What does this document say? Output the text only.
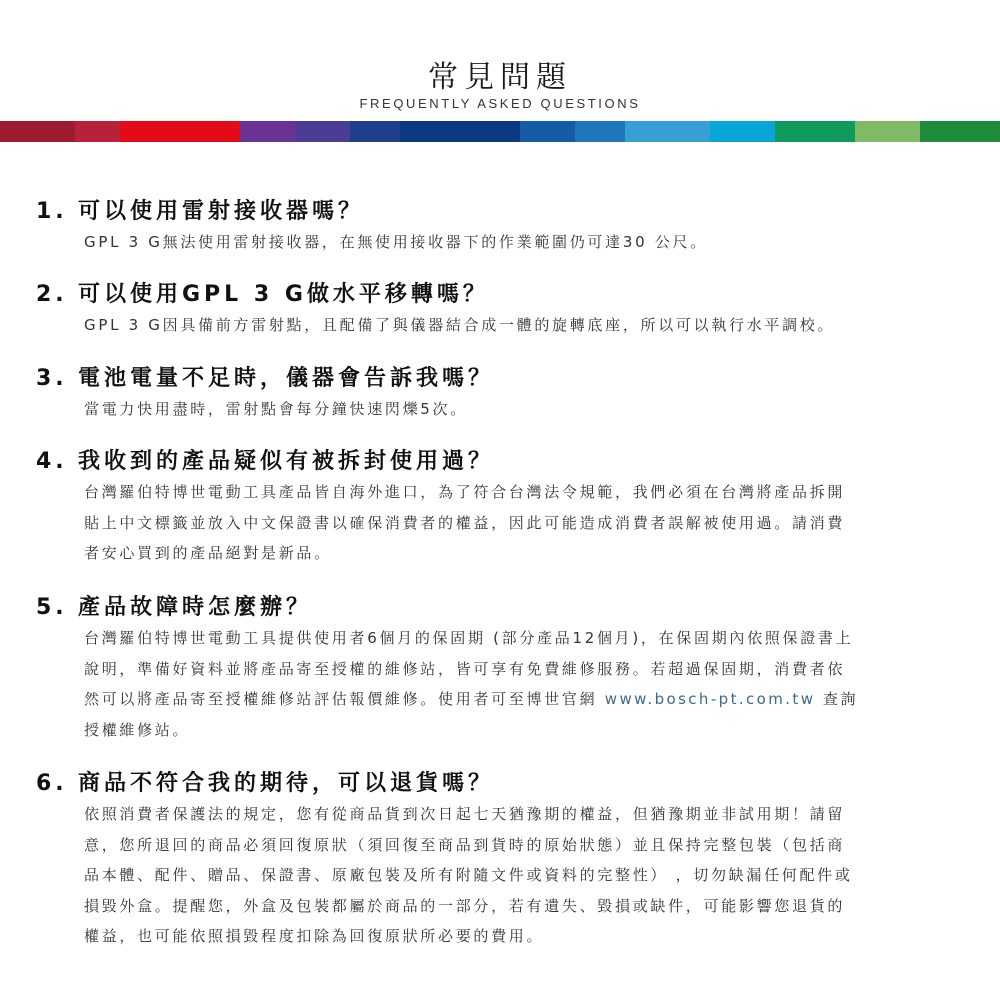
常見問題
FREQUENTLY ASKED QUESTIONS
1. 可以使用雷射接收器嗎？
GPL 3 G無法使用雷射接收器，在無使用接收器下的作業範圍仍可達30 公尺。
2. 可以使用GPL 3 G做水平移轉嗎？
GPL 3 G因具備前方雷射點，且配備了與儀器結合成一體的旋轉底座，所以可以執行水平調校。
3. 電池電量不足時，儀器會告訴我嗎？
當電力快用盡時，雷射點會每分鐘快速閃爍5次。
4. 我收到的產品疑似有被拆封使用過？
台灣羅伯特博世電動工具產品皆自海外進口，為了符合台灣法令規範，我們必須在台灣將產品拆開
貼上中文標籤並放入中文保證書以確保消費者的權益，因此可能造成消費者誤解被使用過。請消費
者安心買到的產品絕對是新品。
5. 產品故障時怎麼辦？
台灣羅伯特博世電動工具提供使用者6個月的保固期 (部分產品12個月)，在保固期內依照保證書上
說明，準備好資料並將產品寄至授權的維修站，皆可享有免費維修服務。若超過保固期，消費者依
然可以將產品寄至授權維修站評估報價維修。使用者可至博世官網 www.bosch-pt.com.tw 查詢
授權維修站。
6. 商品不符合我的期待，可以退貨嗎？
依照消費者保護法的規定，您有從商品貨到次日起七天猶豫期的權益，但猶豫期並非試用期！請留
意，您所退回的商品必須回復原狀（須回復至商品到貨時的原始狀態）並且保持完整包裝（包括商
品本體、配件、贈品、保證書、原廠包裝及所有附隨文件或資料的完整性） ，切勿缺漏任何配件或
損毀外盒。提醒您，外盒及包裝都屬於商品的一部分，若有遺失、毀損或缺件，可能影響您退貨的
權益，也可能依照損毀程度扣除為回復原狀所必要的費用。
